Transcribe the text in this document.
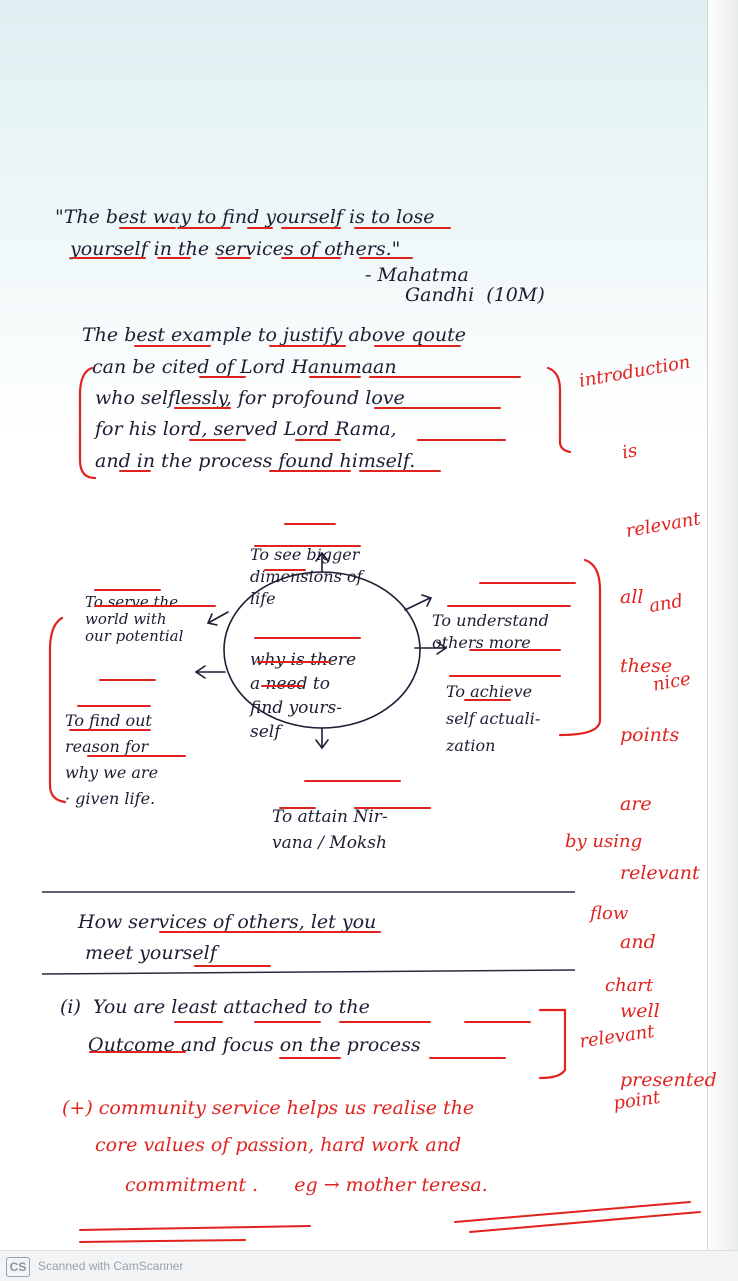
"The best way to find yourself is to lose
yourself in the services of others."
- Mahatma
Gandhi  (10M)
The best example to justify above qoute
can be cited of Lord Hanumaan
who selflessly, for profound love
for his lord, served Lord Rama,
and in the process found himself.

To see bigger
dimensions of
life

To serve the
world with
our potential

why is there
a need to
find yours-
self

To find out
reason for
why we are
· given life.

To understand
others more

To achieve
self actuali-
zation

To attain Nir-
vana / Moksh

How services of others, let you
meet yourself
(i)  You are least attached to the
Outcome and focus on the process

introduction

is

relevant

and

nice

all

these

points

are

relevant

and

well

presented

by using

flow

chart

relevant

point

(+) community service helps us realise the
core values of passion, hard work and
commitment .      eg → mother teresa.
CS Scanned with CamScanner
